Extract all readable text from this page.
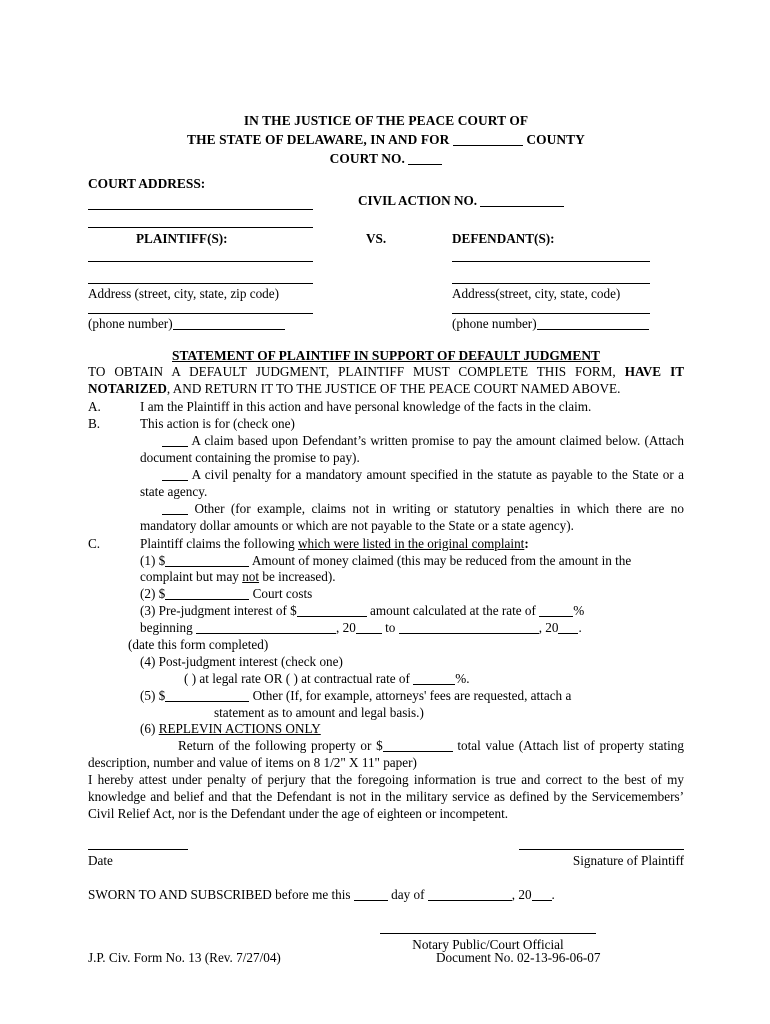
IN THE JUSTICE OF THE PEACE COURT OF
THE STATE OF DELAWARE, IN AND FOR	COUNTY
COURT NO.
COURT ADDRESS:
CIVIL ACTION NO.
PLAINTIFF(S):	VS.	DEFENDANT(S):
Address (street, city, state, zip code)
(phone number)
Address(street, city, state, code)
(phone number)
STATEMENT OF PLAINTIFF IN SUPPORT OF DEFAULT JUDGMENT

TO OBTAIN A DEFAULT JUDGMENT, PLAINTIFF MUST COMPLETE THIS FORM, HAVE IT NOTARIZED, AND RETURN IT TO THE JUSTICE OF THE PEACE COURT NAMED ABOVE.

A.	I am the Plaintiff in this action and have personal knowledge of the facts in the claim.
B.	This action is for (check one)
A claim based upon Defendant’s written promise to pay the amount claimed below. (Attach document containing the promise to pay).
A civil penalty for a mandatory amount specified in the statute as payable to the State or a state agency.
Other (for example, claims not in writing or statutory penalties in which there are no mandatory dollar amounts or which are not payable to the State or a state agency).
C.	Plaintiff claims the following which were listed in the original complaint:
(1) $	Amount of money claimed (this may be reduced from the amount in the complaint but may not be increased).
(2) $	Court costs
(3) Pre-judgment interest of $	amount calculated at the rate of	%
beginning	, 20 to	, 20 .
(date this form completed)
(4) Post-judgment interest (check one)
( ) at legal rate OR ( ) at contractual rate of	%.
(5) $	Other (If, for example, attorneys' fees are requested, attach a
statement as to amount and legal basis.)
(6) REPLEVIN ACTIONS ONLY

Return of the following property or $	total value (Attach list of property stating description, number and value of items on 8 1/2" X 11" paper)

I hereby attest under penalty of perjury that the foregoing information is true and correct to the best of my knowledge and belief and that the Defendant is not in the military service as defined by the Servicemembers’ Civil Relief Act, nor is the Defendant under the age of eighteen or incompetent.

Date	Signature of Plaintiff
SWORN TO AND SUBSCRIBED before me this	day of	, 20 .
Notary Public/Court Official
J.P. Civ. Form No. 13 (Rev. 7/27/04)	Document No. 02-13-96-06-07
